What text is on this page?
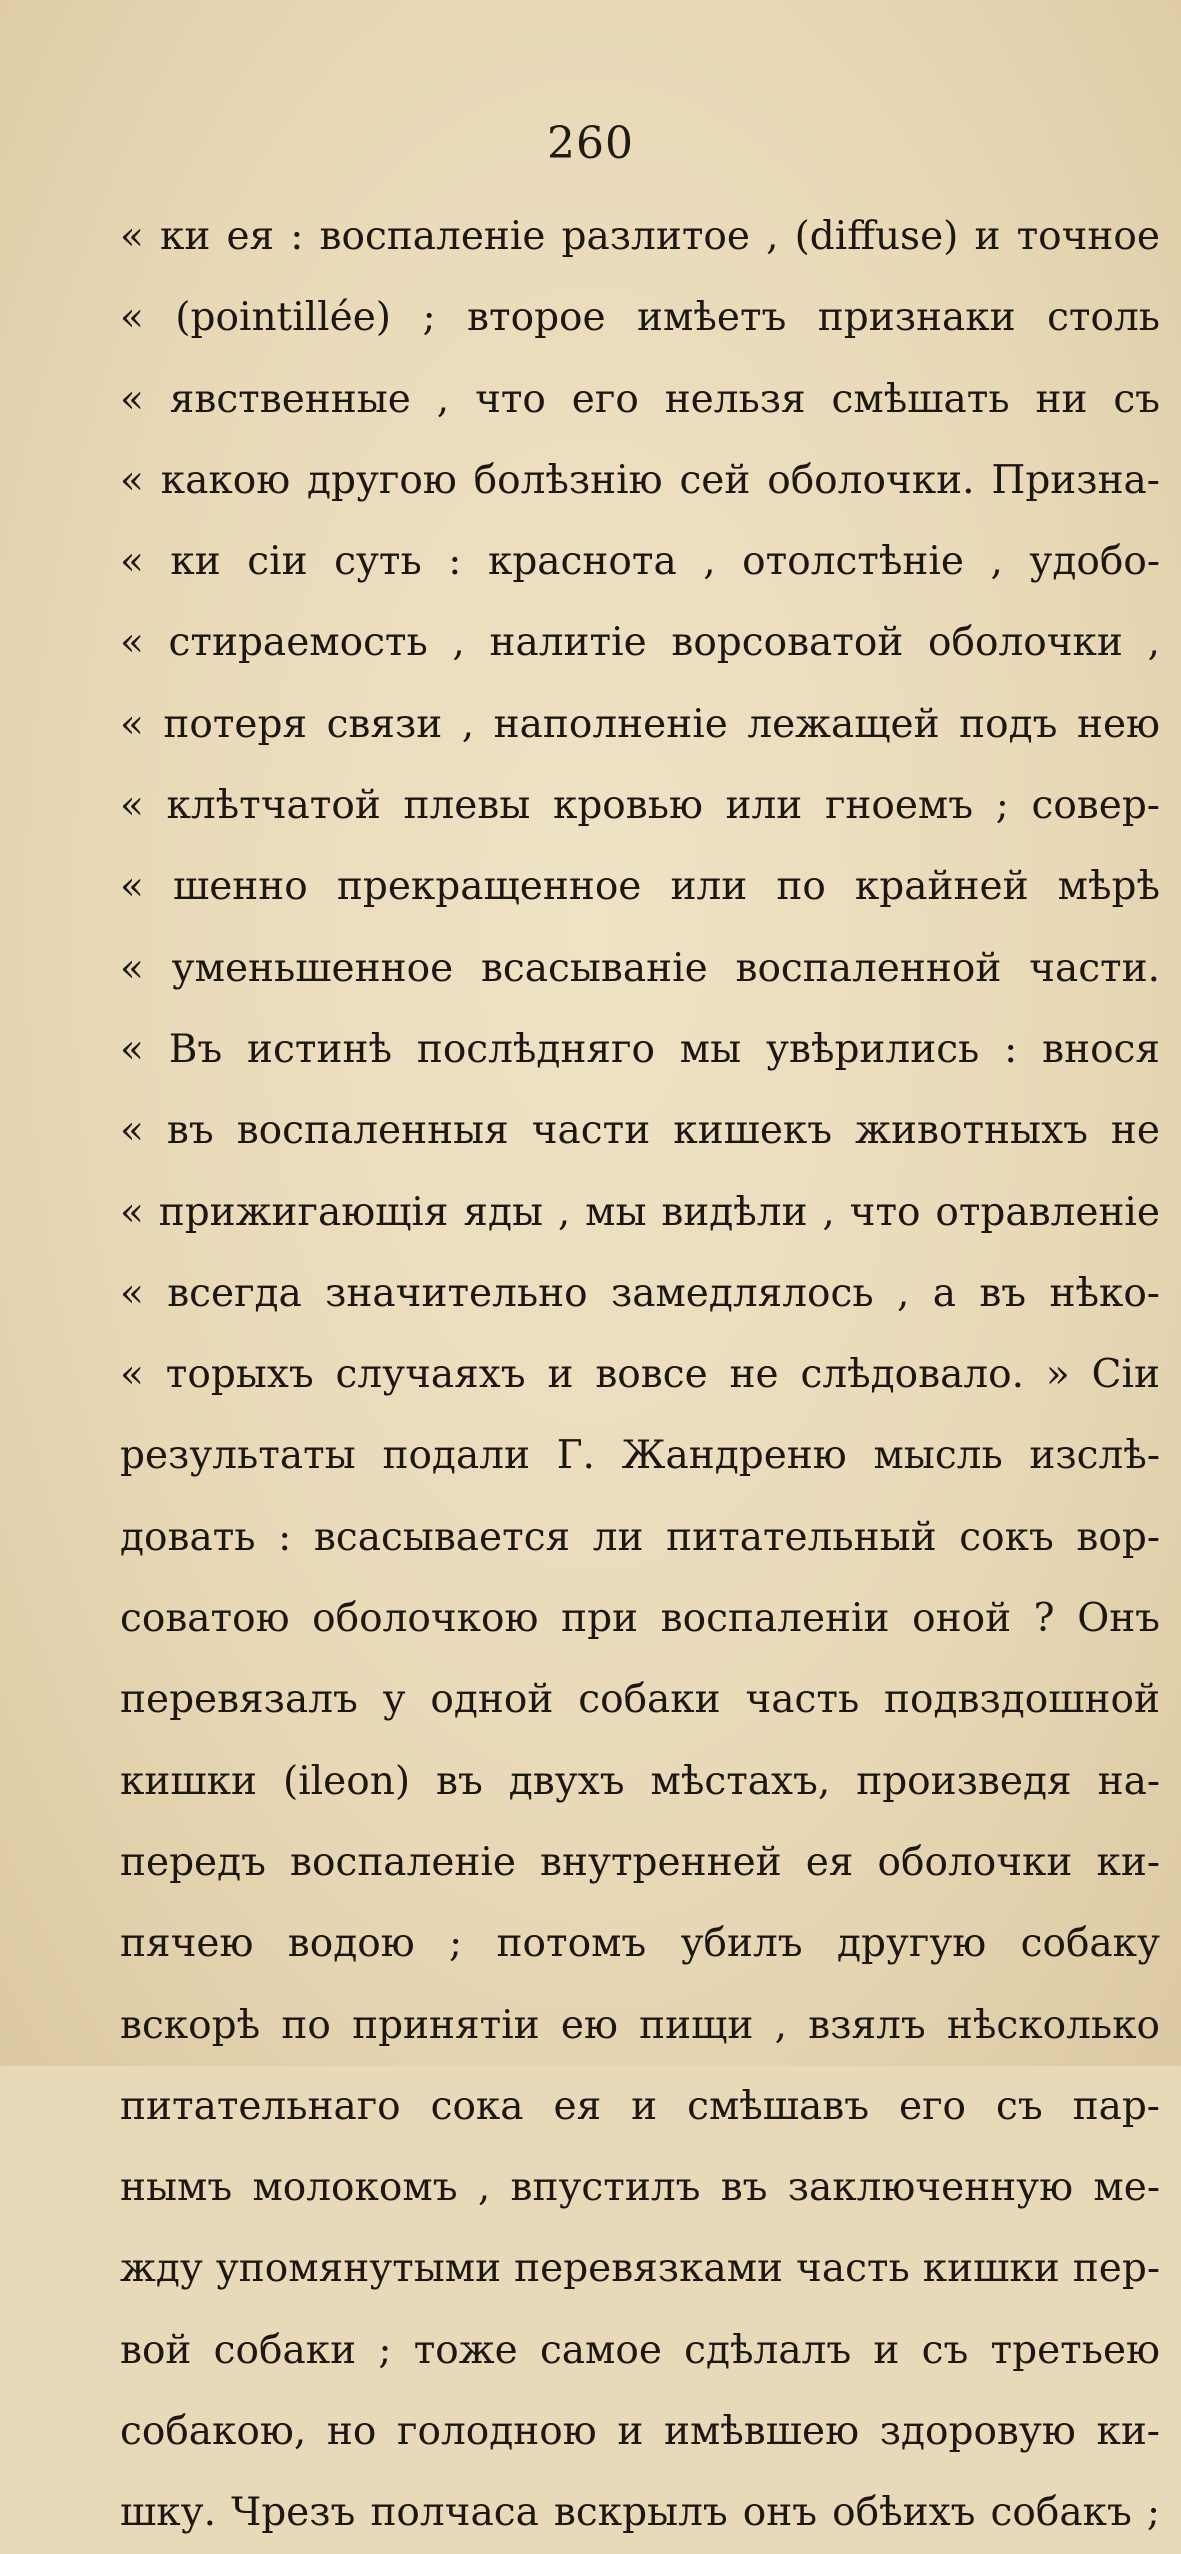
260
« ки ея : воспаленіе разлитое , (diffuse) и точное
« (pointillée) ; второе имѣетъ признаки столь
« явственные , что его нельзя смѣшать ни съ
« какою другою болѣзнію сей оболочки. Призна-
« ки сіи суть : краснота , отолстѣніе , удобо-
« стираемость , налитіе ворсоватой оболочки ,
« потеря связи , наполненіе лежащей подъ нею
« клѣтчатой плевы кровью или гноемъ ; совер-
« шенно прекращенное или по крайней мѣрѣ
« уменьшенное всасываніе воспаленной части.
« Въ истинѣ послѣдняго мы увѣрились : внося
« въ воспаленныя части кишекъ животныхъ не
« прижигающія яды , мы видѣли , что отравленіе
« всегда значительно замедлялось , а въ нѣко-
« торыхъ случаяхъ и вовсе не слѣдовало. » Сіи
результаты подали Г. Жандреню мысль изслѣ-
довать : всасывается ли питательный сокъ вор-
соватою оболочкою при воспаленіи оной ? Онъ
перевязалъ у одной собаки часть подвздошной
кишки (ileon) въ двухъ мѣстахъ, произведя на-
передъ воспаленіе внутренней ея оболочки ки-
пячею водою ; потомъ убилъ другую собаку
вскорѣ по принятіи ею пищи , взялъ нѣсколько
питательнаго сока ея и смѣшавъ его съ пар-
нымъ молокомъ , впустилъ въ заключенную ме-
жду упомянутыми перевязками часть кишки пер-
вой собаки ; тоже самое сдѣлалъ и съ третьею
собакою, но голодною и имѣвшею здоровую ки-
шку. Чрезъ полчаса вскрылъ онъ обѣихъ собакъ ;
